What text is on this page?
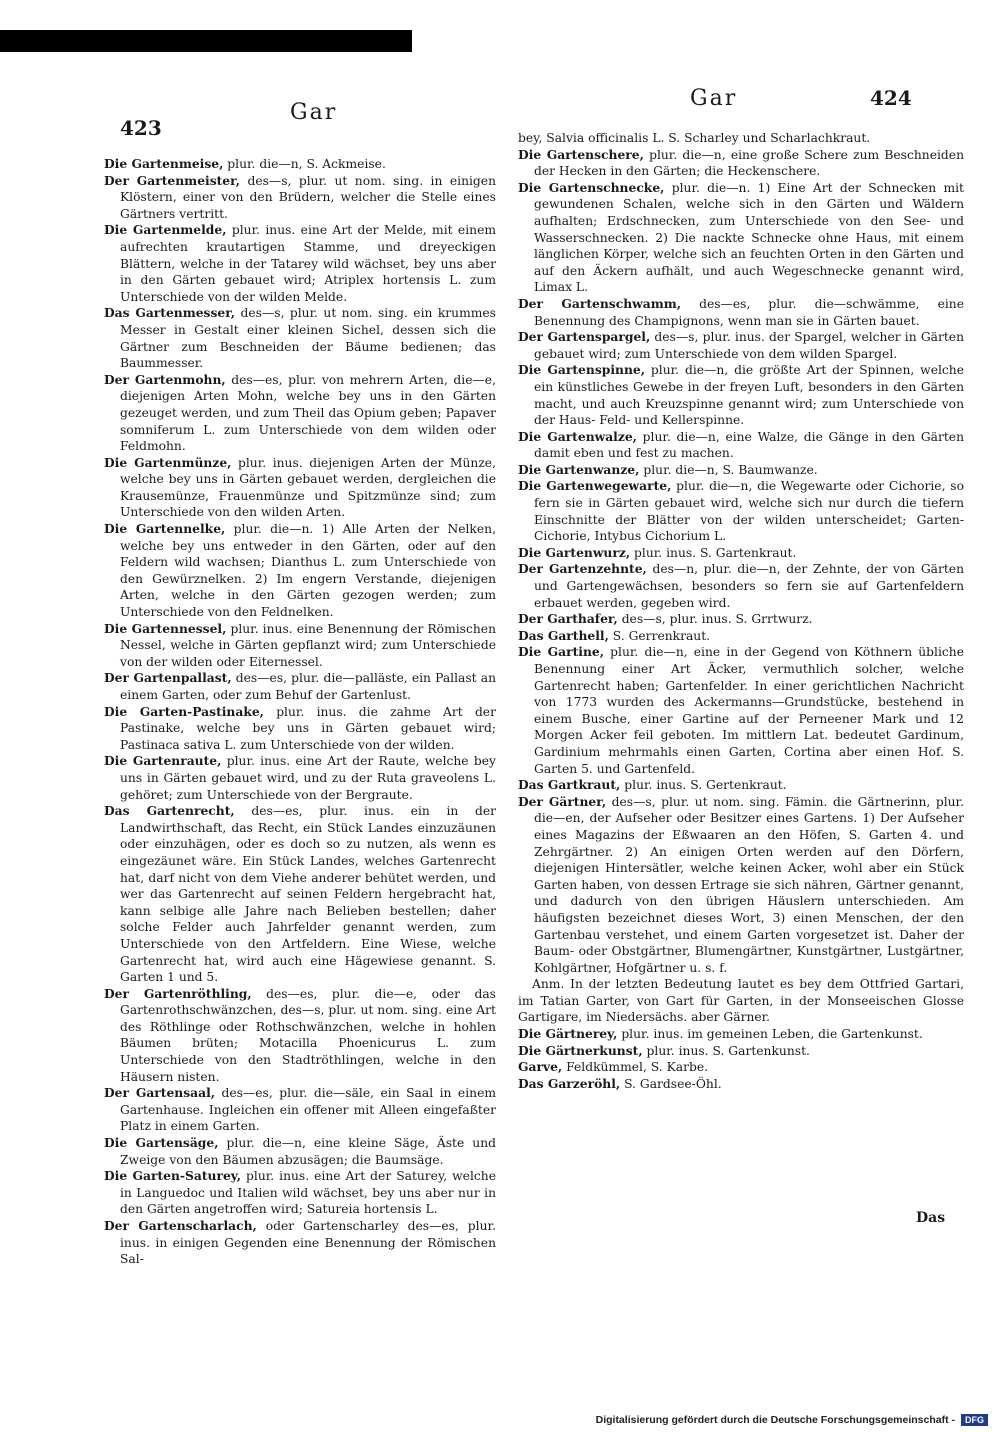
423
Gar
424
Gar

Die Gartenmeise, plur. die—n, S. Ackmeise.

Der Gartenmeister, des—s, plur. ut nom. sing. in einigen Klöstern, einer von den Brüdern, welcher die Stelle eines Gärtners vertritt.

Die Gartenmelde, plur. inus. eine Art der Melde, mit einem aufrechten krautartigen Stamme, und dreyeckigen Blättern, welche in der Tatarey wild wächset, bey uns aber in den Gärten gebauet wird; Atriplex hortensis L. zum Unterschiede von der wilden Melde.

Das Gartenmesser, des—s, plur. ut nom. sing. ein krummes Messer in Gestalt einer kleinen Sichel, dessen sich die Gärtner zum Beschneiden der Bäume bedienen; das Baummesser.

Der Gartenmohn, des—es, plur. von mehrern Arten, die—e, diejenigen Arten Mohn, welche bey uns in den Gärten gezeuget werden, und zum Theil das Opium geben; Papaver somniferum L. zum Unterschiede von dem wilden oder Feldmohn.

Die Gartenmünze, plur. inus. diejenigen Arten der Münze, welche bey uns in Gärten gebauet werden, dergleichen die Krausemünze, Frauenmünze und Spitzmünze sind; zum Unterschiede von den wilden Arten.

Die Gartennelke, plur. die—n. 1) Alle Arten der Nelken, welche bey uns entweder in den Gärten, oder auf den Feldern wild wachsen; Dianthus L. zum Unterschiede von den Gewürznelken. 2) Im engern Verstande, diejenigen Arten, welche in den Gärten gezogen werden; zum Unterschiede von den Feldnelken.

Die Gartennessel, plur. inus. eine Benennung der Römischen Nessel, welche in Gärten gepflanzt wird; zum Unterschiede von der wilden oder Eiternessel.

Der Gartenpallast, des—es, plur. die—palläste, ein Pallast an einem Garten, oder zum Behuf der Gartenlust.

Die Garten-Pastinake, plur. inus. die zahme Art der Pastinake, welche bey uns in Gärten gebauet wird; Pastinaca sativa L. zum Unterschiede von der wilden.

Die Gartenraute, plur. inus. eine Art der Raute, welche bey uns in Gärten gebauet wird, und zu der Ruta graveolens L. gehöret; zum Unterschiede von der Bergraute.

Das Gartenrecht, des—es, plur. inus. ein in der Landwirthschaft, das Recht, ein Stück Landes einzuzäunen oder einzuhägen, oder es doch so zu nutzen, als wenn es eingezäunet wäre. Ein Stück Landes, welches Gartenrecht hat, darf nicht von dem Viehe anderer behütet werden, und wer das Gartenrecht auf seinen Feldern hergebracht hat, kann selbige alle Jahre nach Belieben bestellen; daher solche Felder auch Jahrfelder genannt werden, zum Unterschiede von den Artfeldern. Eine Wiese, welche Gartenrecht hat, wird auch eine Hägewiese genannt. S. Garten 1 und 5.

Der Gartenröthling, des—es, plur. die—e, oder das Gartenrothschwänzchen, des—s, plur. ut nom. sing. eine Art des Röthlinge oder Rothschwänzchen, welche in hohlen Bäumen brüten; Motacilla Phoenicurus L. zum Unterschiede von den Stadtröthlingen, welche in den Häusern nisten.

Der Gartensaal, des—es, plur. die—säle, ein Saal in einem Gartenhause. Ingleichen ein offener mit Alleen eingefaßter Platz in einem Garten.

Die Gartensäge, plur. die—n, eine kleine Säge, Äste und Zweige von den Bäumen abzusägen; die Baumsäge.

Die Garten-Saturey, plur. inus. eine Art der Saturey, welche in Languedoc und Italien wild wächset, bey uns aber nur in den Gärten angetroffen wird; Satureia hortensis L.

Der Gartenscharlach, oder Gartenscharley des—es, plur. inus. in einigen Gegenden eine Benennung der Römischen Sal-

bey, Salvia officinalis L. S. Scharley und Scharlachkraut.

Die Gartenschere, plur. die—n, eine große Schere zum Beschneiden der Hecken in den Gärten; die Heckenschere.

Die Gartenschnecke, plur. die—n. 1) Eine Art der Schnecken mit gewundenen Schalen, welche sich in den Gärten und Wäldern aufhalten; Erdschnecken, zum Unterschiede von den See- und Wasserschnecken. 2) Die nackte Schnecke ohne Haus, mit einem länglichen Körper, welche sich an feuchten Orten in den Gärten und auf den Äckern aufhält, und auch Wegeschnecke genannt wird, Limax L.

Der Gartenschwamm, des—es, plur. die—schwämme, eine Benennung des Champignons, wenn man sie in Gärten bauet.

Der Gartenspargel, des—s, plur. inus. der Spargel, welcher in Gärten gebauet wird; zum Unterschiede von dem wilden Spargel.

Die Gartenspinne, plur. die—n, die größte Art der Spinnen, welche ein künstliches Gewebe in der freyen Luft, besonders in den Gärten macht, und auch Kreuzspinne genannt wird; zum Unterschiede von der Haus- Feld- und Kellerspinne.

Die Gartenwalze, plur. die—n, eine Walze, die Gänge in den Gärten damit eben und fest zu machen.

Die Gartenwanze, plur. die—n, S. Baumwanze.

Die Gartenwegewarte, plur. die—n, die Wegewarte oder Cichorie, so fern sie in Gärten gebauet wird, welche sich nur durch die tiefern Einschnitte der Blätter von der wilden unterscheidet; Garten-Cichorie, Intybus Cichorium L.

Die Gartenwurz, plur. inus. S. Gartenkraut.

Der Gartenzehnte, des—n, plur. die—n, der Zehnte, der von Gärten und Gartengewächsen, besonders so fern sie auf Gartenfeldern erbauet werden, gegeben wird.

Der Garthafer, des—s, plur. inus. S. Grrtwurz.

Das Garthell, S. Gerrenkraut.

Die Gartine, plur. die—n, eine in der Gegend von Köthnern übliche Benennung einer Art Äcker, vermuthlich solcher, welche Gartenrecht haben; Gartenfelder. In einer gerichtlichen Nachricht von 1773 wurden des Ackermanns—Grundstücke, bestehend in einem Busche, einer Gartine auf der Perneener Mark und 12 Morgen Acker feil geboten. Im mittlern Lat. bedeutet Gardinum, Gardinium mehrmahls einen Garten, Cortina aber einen Hof. S. Garten 5. und Gartenfeld.

Das Gartkraut, plur. inus. S. Gertenkraut.

Der Gärtner, des—s, plur. ut nom. sing. Fämin. die Gärtnerinn, plur. die—en, der Aufseher oder Besitzer eines Gartens. 1) Der Aufseher eines Magazins der Eßwaaren an den Höfen, S. Garten 4. und Zehrgärtner. 2) An einigen Orten werden auf den Dörfern, diejenigen Hintersätler, welche keinen Acker, wohl aber ein Stück Garten haben, von dessen Ertrage sie sich nähren, Gärtner genannt, und dadurch von den übrigen Häuslern unterschieden. Am häufigsten bezeichnet dieses Wort, 3) einen Menschen, der den Gartenbau verstehet, und einem Garten vorgesetzet ist. Daher der Baum- oder Obstgärtner, Blumengärtner, Kunstgärtner, Lustgärtner, Kohlgärtner, Hofgärtner u. s. f.

Anm. In der letzten Bedeutung lautet es bey dem Ottfried Gartari, im Tatian Garter, von Gart für Garten, in der Monseeischen Glosse Gartigare, im Niedersächs. aber Gärner.

Die Gärtnerey, plur. inus. im gemeinen Leben, die Gartenkunst.

Die Gärtnerkunst, plur. inus. S. Gartenkunst.

Garve, Feldkümmel, S. Karbe.

Das Garzeröhl, S. Gardsee-Öhl.

Das
Digitalisierung gefördert durch die Deutsche Forschungsgemeinschaft -	DFG
